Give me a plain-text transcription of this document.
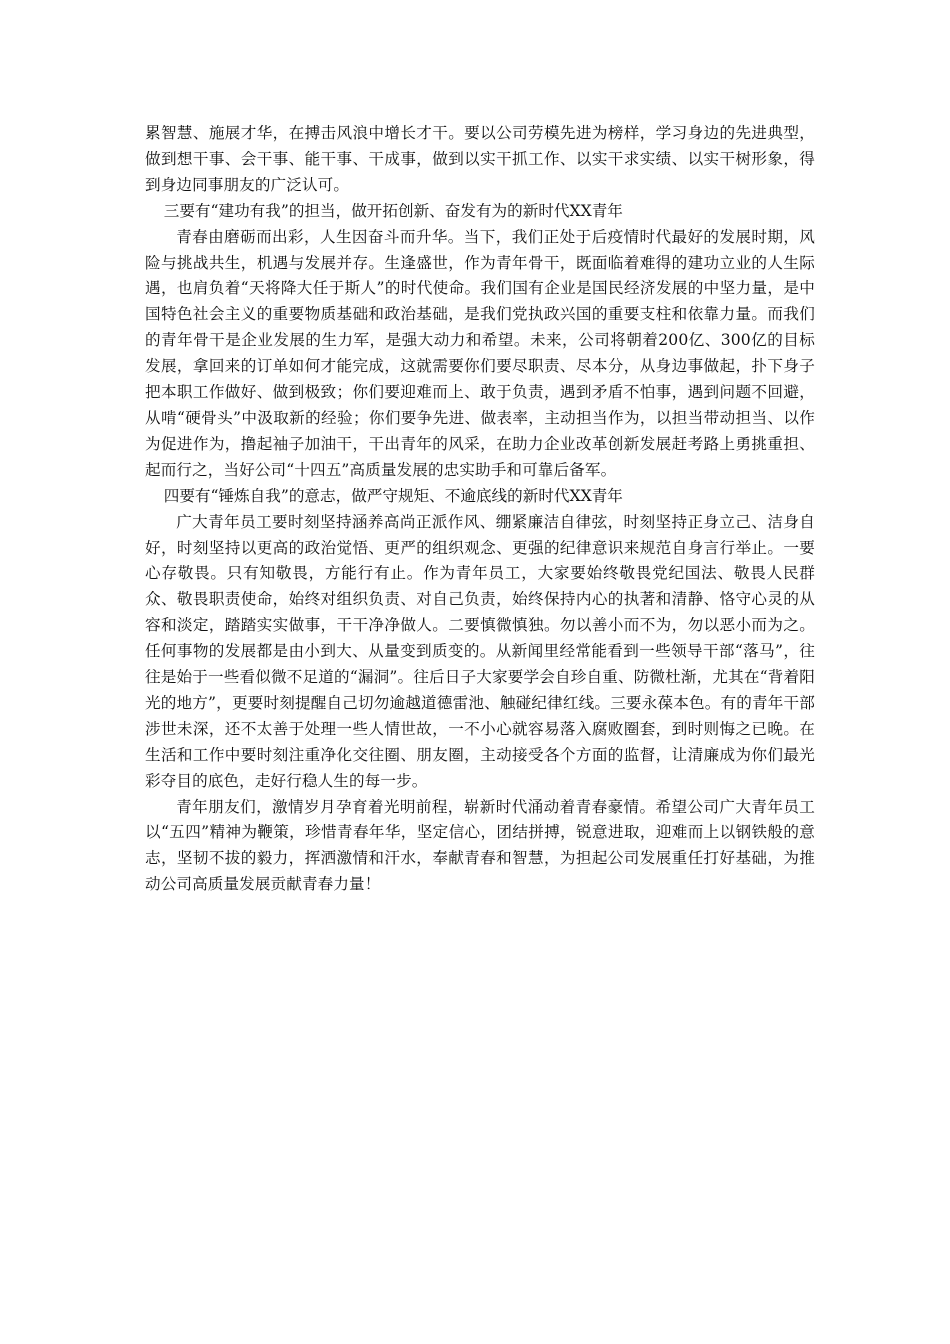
累智慧、施展才华，在搏击风浪中增长才干。要以公司劳模先进为榜样，学习身边的先进典型，做到想干事、会干事、能干事、干成事，做到以实干抓工作、以实干求实绩、以实干树形象，得到身边同事朋友的广泛认可。

三要有“建功有我”的担当，做开拓创新、奋发有为的新时代XX青年

青春由磨砺而出彩，人生因奋斗而升华。当下，我们正处于后疫情时代最好的发展时期，风险与挑战共生，机遇与发展并存。生逢盛世，作为青年骨干，既面临着难得的建功立业的人生际遇，也肩负着“天将降大任于斯人”的时代使命。我们国有企业是国民经济发展的中坚力量，是中国特色社会主义的重要物质基础和政治基础，是我们党执政兴国的重要支柱和依靠力量。而我们的青年骨干是企业发展的生力军，是强大动力和希望。未来，公司将朝着200亿、300亿的目标发展，拿回来的订单如何才能完成，这就需要你们要尽职责、尽本分，从身边事做起，扑下身子把本职工作做好、做到极致；你们要迎难而上、敢于负责，遇到矛盾不怕事，遇到问题不回避，从啃“硬骨头”中汲取新的经验；你们要争先进、做表率，主动担当作为，以担当带动担当、以作为促进作为，撸起袖子加油干，干出青年的风采，在助力企业改革创新发展赶考路上勇挑重担、起而行之，当好公司“十四五”高质量发展的忠实助手和可靠后备军。

四要有“锤炼自我”的意志，做严守规矩、不逾底线的新时代XX青年

广大青年员工要时刻坚持涵养高尚正派作风、绷紧廉洁自律弦，时刻坚持正身立己、洁身自好，时刻坚持以更高的政治觉悟、更严的组织观念、更强的纪律意识来规范自身言行举止。一要心存敬畏。只有知敬畏，方能行有止。作为青年员工，大家要始终敬畏党纪国法、敬畏人民群众、敬畏职责使命，始终对组织负责、对自己负责，始终保持内心的执著和清静、恪守心灵的从容和淡定，踏踏实实做事，干干净净做人。二要慎微慎独。勿以善小而不为，勿以恶小而为之。任何事物的发展都是由小到大、从量变到质变的。从新闻里经常能看到一些领导干部“落马”，往往是始于一些看似微不足道的“漏洞”。往后日子大家要学会自珍自重、防微杜渐，尤其在“背着阳光的地方”，更要时刻提醒自己切勿逾越道德雷池、触碰纪律红线。三要永葆本色。有的青年干部涉世未深，还不太善于处理一些人情世故，一不小心就容易落入腐败圈套，到时则悔之已晚。在生活和工作中要时刻注重净化交往圈、朋友圈，主动接受各个方面的监督，让清廉成为你们最光彩夺目的底色，走好行稳人生的每一步。

青年朋友们，激情岁月孕育着光明前程，崭新时代涌动着青春豪情。希望公司广大青年员工以“五四”精神为鞭策，珍惜青春年华，坚定信心，团结拼搏，锐意进取，迎难而上以钢铁般的意志，坚韧不拔的毅力，挥洒激情和汗水，奉献青春和智慧，为担起公司发展重任打好基础，为推动公司高质量发展贡献青春力量！
